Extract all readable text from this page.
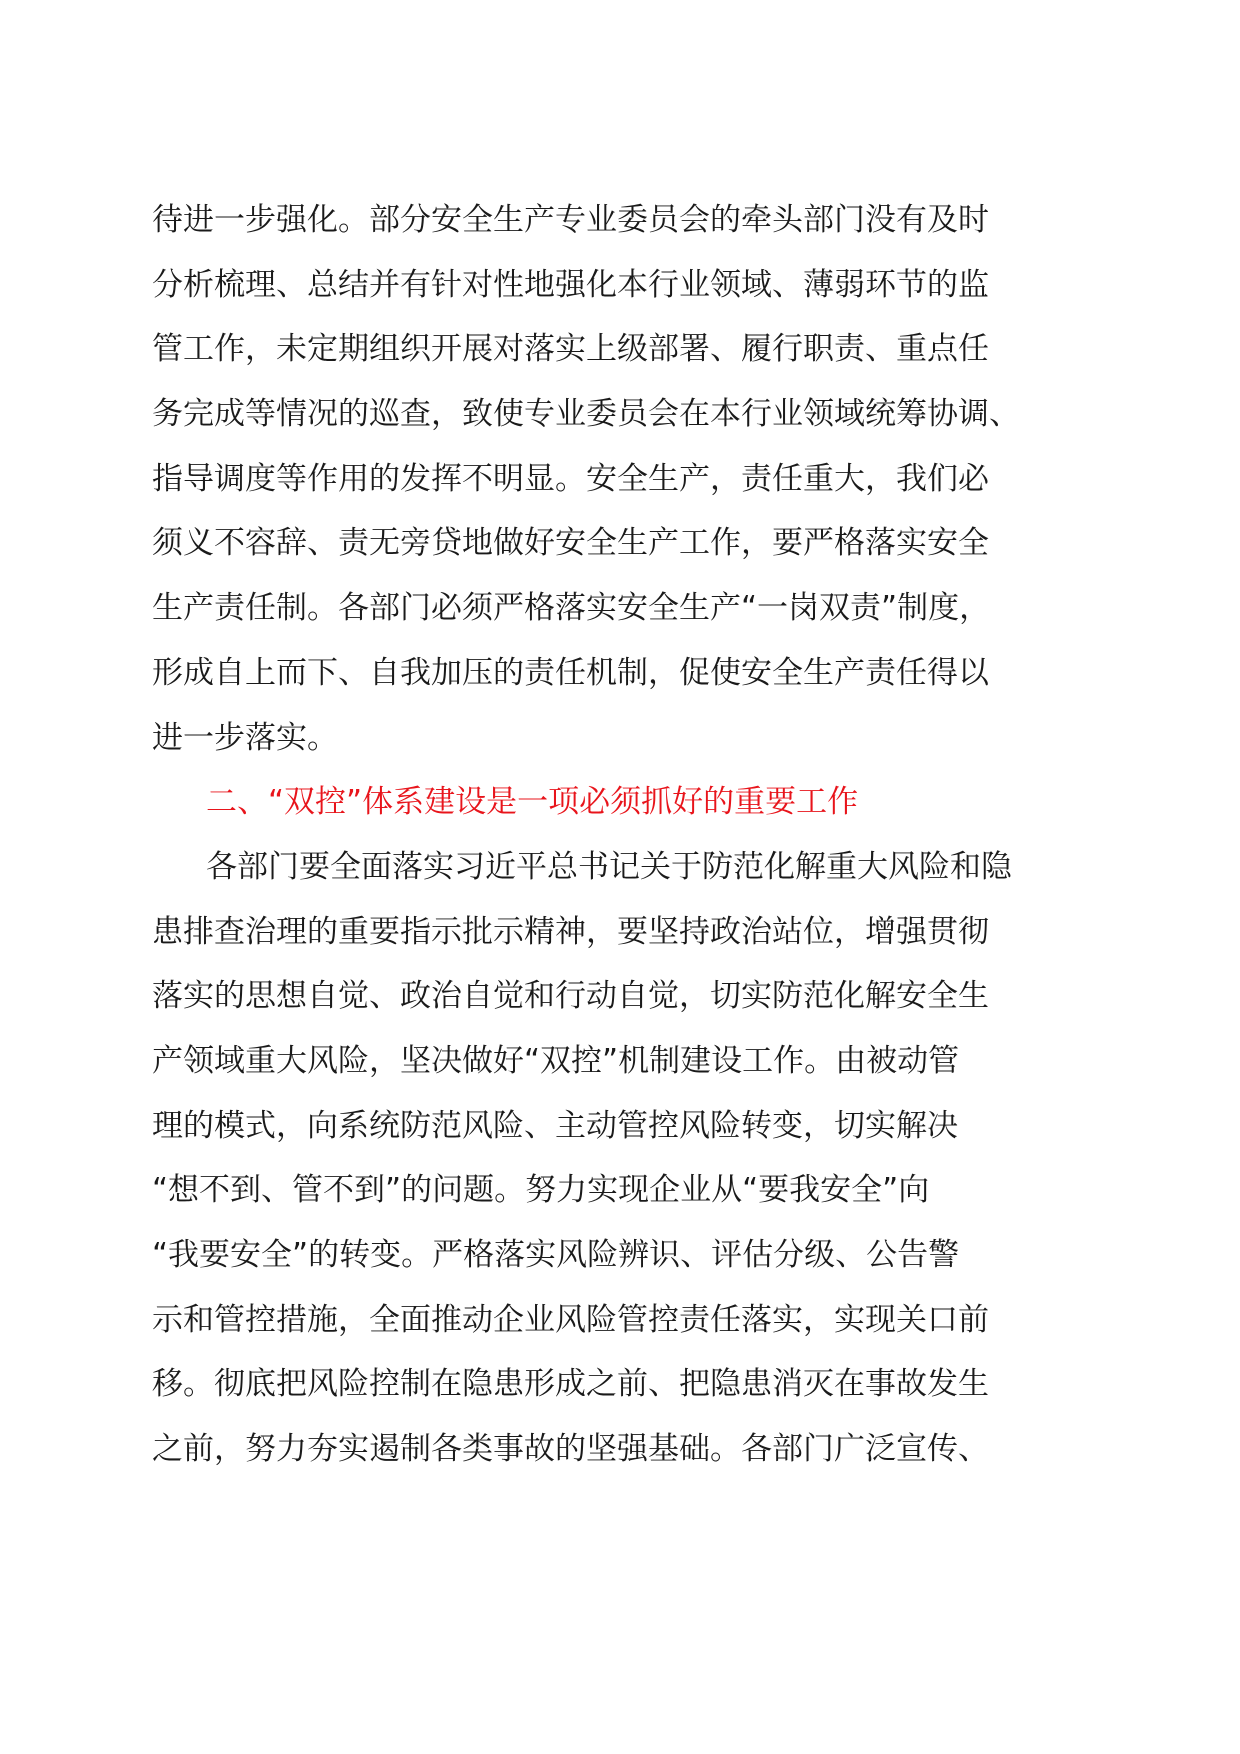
待进一步强化。部分安全生产专业委员会的牵头部门没有及时
分析梳理、总结并有针对性地强化本行业领域、薄弱环节的监
管工作，未定期组织开展对落实上级部署、履行职责、重点任
务完成等情况的巡查，致使专业委员会在本行业领域统筹协调、
指导调度等作用的发挥不明显。安全生产，责任重大，我们必
须义不容辞、责无旁贷地做好安全生产工作，要严格落实安全
生产责任制。各部门必须严格落实安全生产“一岗双责”制度，
形成自上而下、自我加压的责任机制，促使安全生产责任得以
进一步落实。
二、“双控”体系建设是一项必须抓好的重要工作
各部门要全面落实习近平总书记关于防范化解重大风险和隐
患排查治理的重要指示批示精神，要坚持政治站位，增强贯彻
落实的思想自觉、政治自觉和行动自觉，切实防范化解安全生
产领域重大风险，坚决做好“双控”机制建设工作。由被动管
理的模式，向系统防范风险、主动管控风险转变，切实解决
“想不到、管不到”的问题。努力实现企业从“要我安全”向
“我要安全”的转变。严格落实风险辨识、评估分级、公告警
示和管控措施，全面推动企业风险管控责任落实，实现关口前
移。彻底把风险控制在隐患形成之前、把隐患消灭在事故发生
之前，努力夯实遏制各类事故的坚强基础。各部门广泛宣传、
